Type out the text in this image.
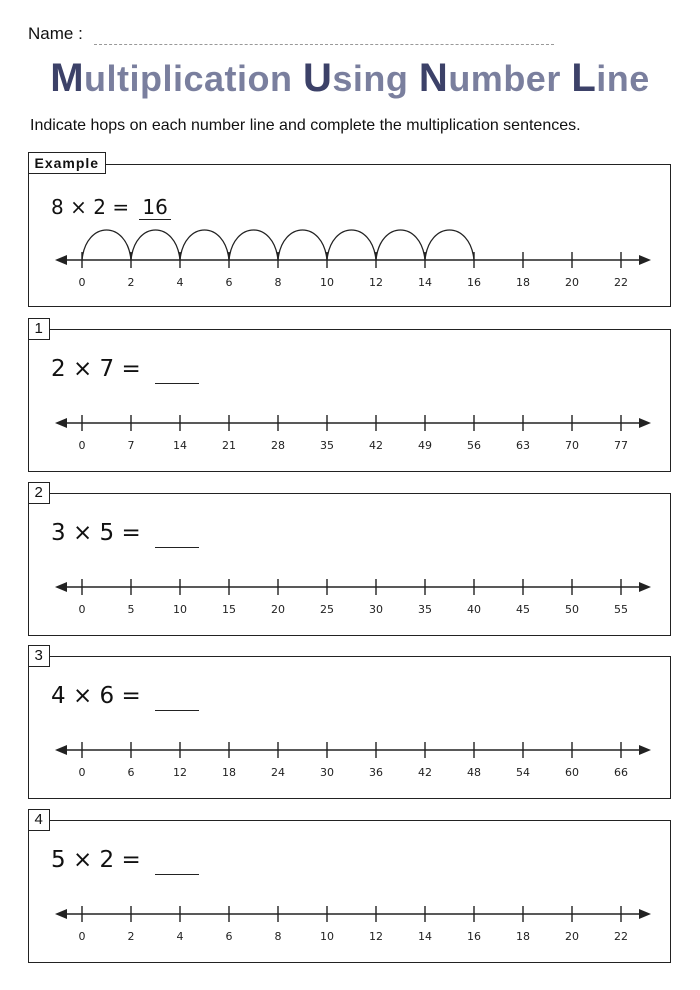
Name :
Multiplication Using Number Line
Indicate hops on each number line and complete the multiplication sentences.
Example
8
×
2
= 16
0	2	4	6	8	10	12	14	16	18	20	22
1
2
×
7
=

0	7	14	21	28	35	42	49	56	63	70	77
2
3
×
5
=

0	5	10	15	20	25	30	35	40	45	50	55
3
4
×
6
=

0	6	12	18	24	30	36	42	48	54	60	66
4
5
×
2
=

0	2	4	6	8	10	12	14	16	18	20	22
